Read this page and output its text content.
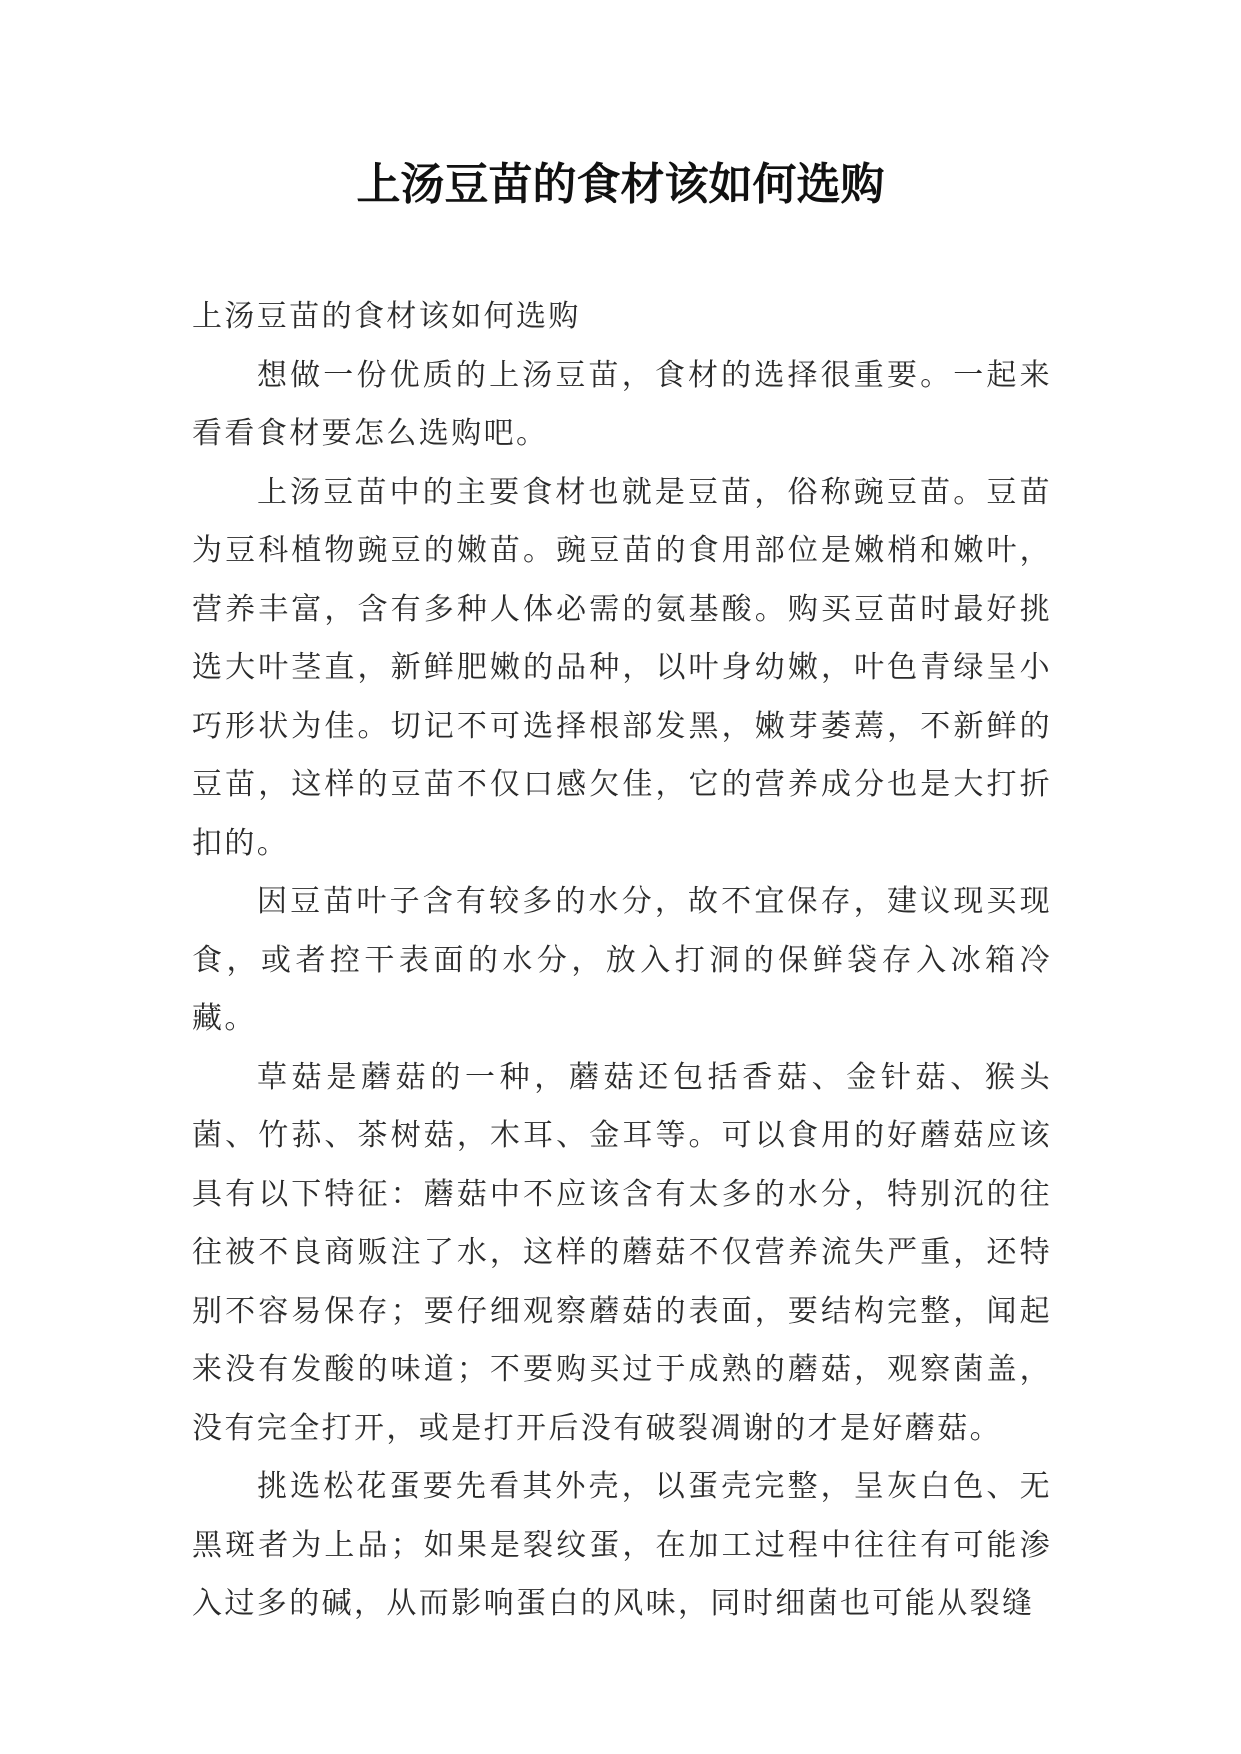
上汤豆苗的食材该如何选购

上汤豆苗的食材该如何选购

想做一份优质的上汤豆苗，食材的选择很重要。一起来看看食材要怎么选购吧。

上汤豆苗中的主要食材也就是豆苗，俗称豌豆苗。豆苗为豆科植物豌豆的嫩苗。豌豆苗的食用部位是嫩梢和嫩叶，营养丰富，含有多种人体必需的氨基酸。购买豆苗时最好挑选大叶茎直，新鲜肥嫩的品种，以叶身幼嫩，叶色青绿呈小巧形状为佳。切记不可选择根部发黑，嫩芽萎蔫，不新鲜的豆苗，这样的豆苗不仅口感欠佳，它的营养成分也是大打折扣的。

因豆苗叶子含有较多的水分，故不宜保存，建议现买现食，或者控干表面的水分，放入打洞的保鲜袋存入冰箱冷藏。

草菇是蘑菇的一种，蘑菇还包括香菇、金针菇、猴头菌、竹荪、茶树菇，木耳、金耳等。可以食用的好蘑菇应该具有以下特征：蘑菇中不应该含有太多的水分，特别沉的往往被不良商贩注了水，这样的蘑菇不仅营养流失严重，还特别不容易保存；要仔细观察蘑菇的表面，要结构完整，闻起来没有发酸的味道；不要购买过于成熟的蘑菇，观察菌盖，没有完全打开，或是打开后没有破裂凋谢的才是好蘑菇。

挑选松花蛋要先看其外壳，以蛋壳完整，呈灰白色、无黑斑者为上品；如果是裂纹蛋，在加工过程中往往有可能渗入过多的碱，从而影响蛋白的风味，同时细菌也可能从裂缝
